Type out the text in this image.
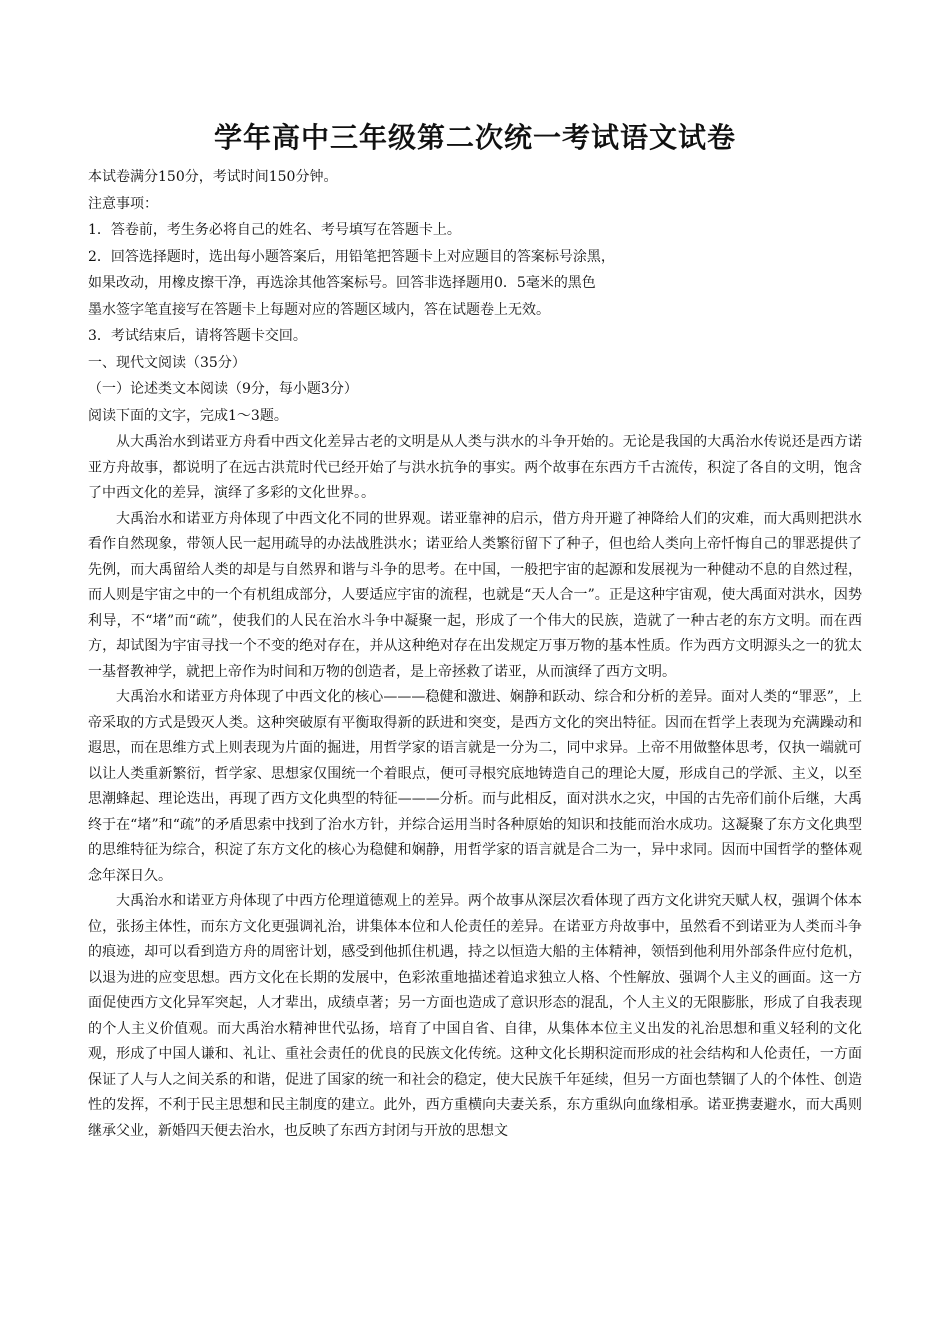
学年高中三年级第二次统一考试语文试卷

本试卷满分150分，考试时间150分钟。

注意事项：

1．答卷前，考生务必将自己的姓名、考号填写在答题卡上。

2．回答选择题时，选出每小题答案后，用铅笔把答题卡上对应题目的答案标号涂黑，

如果改动，用橡皮擦干净，再选涂其他答案标号。回答非选择题用0．5毫米的黑色

墨水签字笔直接写在答题卡上每题对应的答题区域内，答在试题卷上无效。

3．考试结束后，请将答题卡交回。

一、现代文阅读（35分）

（一）论述类文本阅读（9分，每小题3分）

阅读下面的文字，完成1～3题。

从大禹治水到诺亚方舟看中西文化差异古老的文明是从人类与洪水的斗争开始的。无论是我国的大禹治水传说还是西方诺亚方舟故事，都说明了在远古洪荒时代已经开始了与洪水抗争的事实。两个故事在东西方千古流传，积淀了各自的文明，饱含了中西文化的差异，演绎了多彩的文化世界。。

大禹治水和诺亚方舟体现了中西文化不同的世界观。诺亚靠神的启示，借方舟开避了神降给人们的灾难，而大禹则把洪水看作自然现象，带领人民一起用疏导的办法战胜洪水；诺亚给人类繁衍留下了种子，但也给人类向上帝忏悔自己的罪恶提供了先例，而大禹留给人类的却是与自然界和谐与斗争的思考。在中国，一般把宇宙的起源和发展视为一种健动不息的自然过程，而人则是宇宙之中的一个有机组成部分，人要适应宇宙的流程，也就是“天人合一”。正是这种宇宙观，使大禹面对洪水，因势利导，不“堵”而“疏”，使我们的人民在治水斗争中凝聚一起，形成了一个伟大的民族，造就了一种古老的东方文明。而在西方，却试图为宇宙寻找一个不变的绝对存在，并从这种绝对存在出发规定万事万物的基本性质。作为西方文明源头之一的犹太一基督教神学，就把上帝作为时间和万物的创造者，是上帝拯救了诺亚，从而演绎了西方文明。

大禹治水和诺亚方舟体现了中西文化的核心———稳健和激进、娴静和跃动、综合和分析的差异。面对人类的“罪恶”，上帝采取的方式是毁灭人类。这种突破原有平衡取得新的跃进和突变，是西方文化的突出特征。因而在哲学上表现为充满躁动和遐思，而在思维方式上则表现为片面的掘进，用哲学家的语言就是一分为二，同中求异。上帝不用做整体思考，仅执一端就可以让人类重新繁衍，哲学家、思想家仅围统一个着眼点，便可寻根究底地铸造自己的理论大厦，形成自己的学派、主义，以至思潮蜂起、理论迭出，再现了西方文化典型的特征———分析。而与此相反，面对洪水之灾，中国的古先帝们前仆后继，大禹终于在“堵”和“疏”的矛盾思索中找到了治水方针，并综合运用当时各种原始的知识和技能而治水成功。这凝聚了东方文化典型的思维特征为综合，积淀了东方文化的核心为稳健和娴静，用哲学家的语言就是合二为一，异中求同。因而中国哲学的整体观念年深日久。

大禹治水和诺亚方舟体现了中西方伦理道德观上的差异。两个故事从深层次看体现了西方文化讲究天赋人权，强调个体本位，张扬主体性，而东方文化更强调礼治，讲集体本位和人伦责任的差异。在诺亚方舟故事中，虽然看不到诺亚为人类而斗争的痕迹，却可以看到造方舟的周密计划，感受到他抓住机遇，持之以恒造大船的主体精神，领悟到他利用外部条件应付危机，以退为进的应变思想。西方文化在长期的发展中，色彩浓重地描述着追求独立人格、个性解放、强调个人主义的画面。这一方面促使西方文化异军突起，人才辈出，成绩卓著；另一方面也造成了意识形态的混乱，个人主义的无限膨胀，形成了自我表现的个人主义价值观。而大禹治水精神世代弘扬，培育了中国自省、自律，从集体本位主义出发的礼治思想和重义轻利的文化观，形成了中国人谦和、礼让、重社会责任的优良的民族文化传统。这种文化长期积淀而形成的社会结构和人伦责任，一方面保证了人与人之间关系的和谐，促进了国家的统一和社会的稳定，使大民族千年延续，但另一方面也禁锢了人的个体性、创造性的发挥，不利于民主思想和民主制度的建立。此外，西方重横向夫妻关系，东方重纵向血缘相承。诺亚携妻避水，而大禹则继承父业，新婚四天便去治水，也反映了东西方封闭与开放的思想文
